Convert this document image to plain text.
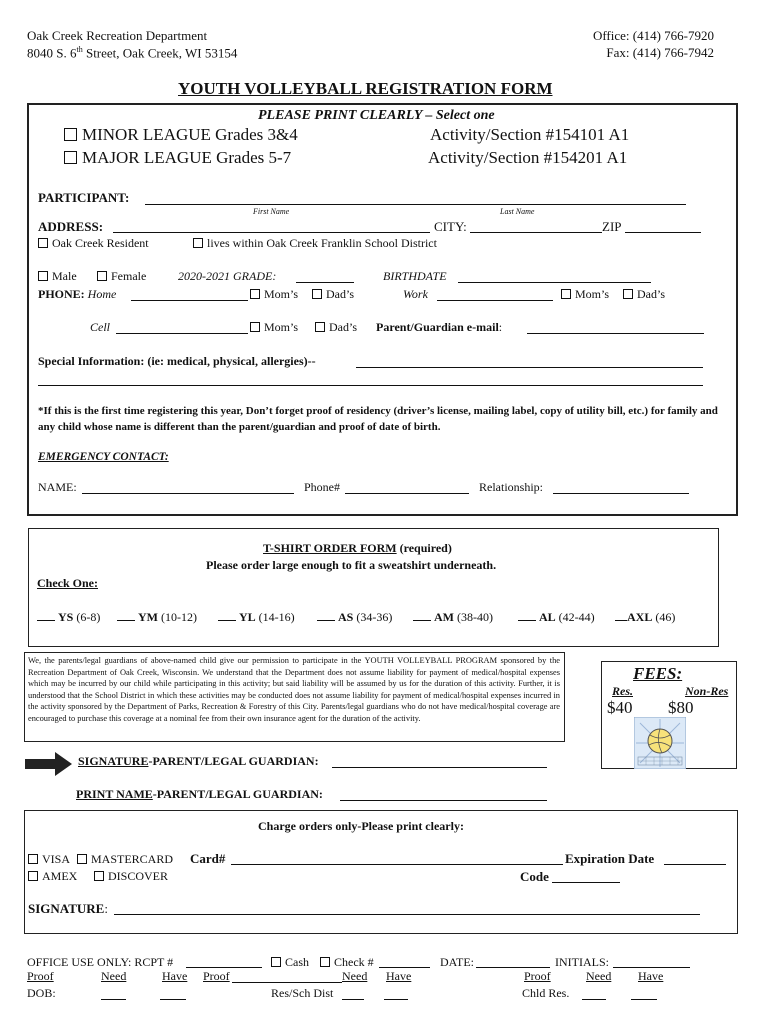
Oak Creek Recreation Department
8040 S. 6th Street, Oak Creek, WI 53154
Office: (414) 766-7920
Fax: (414) 766-7942
YOUTH VOLLEYBALL REGISTRATION FORM
PLEASE PRINT CLEARLY – Select one
MINOR LEAGUE Grades 3&4
MAJOR LEAGUE Grades 5-7
Activity/Section #154101 A1
Activity/Section #154201 A1
PARTICIPANT:
First Name	Last Name
ADDRESS:	CITY:	ZIP
Oak Creek Resident	lives within Oak Creek Franklin School District
Male	Female	2020-2021 GRADE:	BIRTHDATE
PHONE: Home	Mom’s	Dad’s	Work	Mom’s	Dad’s
Cell	Mom’s	Dad’s Parent/Guardian e-mail:
Special Information: (ie: medical, physical, allergies)--
*If this is the first time registering this year, Don’t forget proof of residency (driver’s license, mailing label, copy of utility bill, etc.) for family and any child whose name is different than the parent/guardian and proof of date of birth.
EMERGENCY CONTACT:
NAME:	Phone#	Relationship:
T-SHIRT ORDER FORM (required)
Please order large enough to fit a sweatshirt underneath.
Check One:
YS (6-8)	YM (10-12)	YL (14-16)	AS (34-36)	AM (38-40)	AL (42-44)	AXL (46)
We, the parents/legal guardians of above-named child give our permission to participate in the YOUTH VOLLEYBALL PROGRAM sponsored by the Recreation Department of Oak Creek, Wisconsin. We understand that the Department does not assume liability for payment of medical/hospital expenses which may be incurred by our child while participating in this activity; but said liability will be assumed by us for the duration of this activity. Further, it is understood that the School District in which these activities may be conducted does not assume liability for payment of medical/hospital expenses incurred in the activity sponsored by the Department of Parks, Recreation & Forestry of this City. Parents/legal guardians who do not have medical/hospital coverage are encouraged to purchase this coverage at a nominal fee from their own insurance agent for the duration of the activity.
FEES:
Res.	Non-Res
$40 $80
SIGNATURE-PARENT/LEGAL GUARDIAN:
PRINT NAME-PARENT/LEGAL GUARDIAN:
Charge orders only-Please print clearly:
VISA	MASTERCARD
AMEX	DISCOVER
Card#	Expiration Date
Code
SIGNATURE:
OFFICE USE ONLY: RCPT #	Cash	Check #	DATE:	INITIALS:
Proof	Need	Have Proof	Need Have	Proof	Need Have
DOB:	Res/Sch Dist	Chld Res.
